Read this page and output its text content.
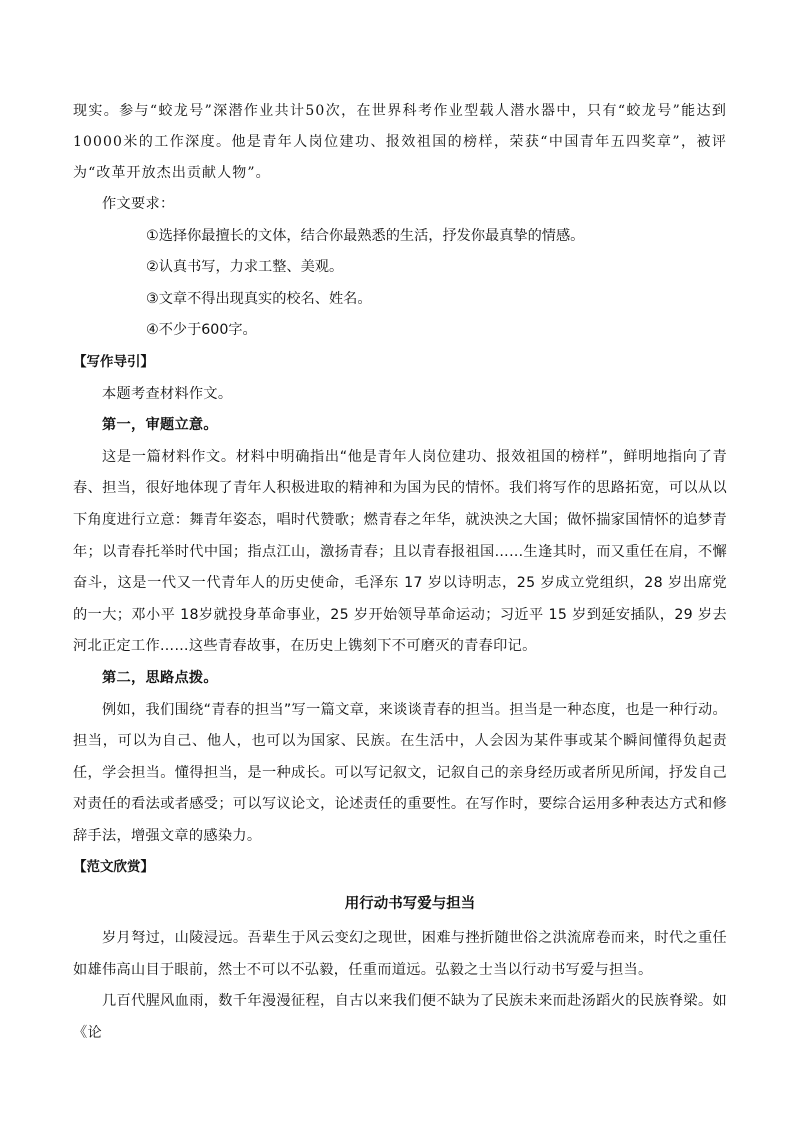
现实。参与“蛟龙号”深潜作业共计50次，在世界科考作业型载人潜水器中，只有“蛟龙号”能达到10000米的工作深度。他是青年人岗位建功、报效祖国的榜样，荣获“中国青年五四奖章”，被评为“改革开放杰出贡献人物”。

作文要求：

①选择你最擅长的文体，结合你最熟悉的生活，抒发你最真挚的情感。

②认真书写，力求工整、美观。

③文章不得出现真实的校名、姓名。

④不少于600字。

【写作导引】

本题考查材料作文。

第一，审题立意。

这是一篇材料作文。材料中明确指出“他是青年人岗位建功、报效祖国的榜样”，鲜明地指向了青春、担当，很好地体现了青年人积极进取的精神和为国为民的情怀。我们将写作的思路拓宽，可以从以下角度进行立意：舞青年姿态，唱时代赞歌；燃青春之年华，就泱泱之大国；做怀揣家国情怀的追梦青年；以青春托举时代中国；指点江山，激扬青春；且以青春报祖国……生逢其时，而又重任在肩，不懈奋斗，这是一代又一代青年人的历史使命，毛泽东 17 岁以诗明志，25 岁成立党组织，28 岁出席党的一大；邓小平 18岁就投身革命事业，25 岁开始领导革命运动；习近平 15 岁到延安插队，29 岁去河北正定工作……这些青春故事，在历史上镌刻下不可磨灭的青春印记。

第二，思路点拨。

例如，我们围绕“青春的担当”写一篇文章，来谈谈青春的担当。担当是一种态度，也是一种行动。担当，可以为自己、他人，也可以为国家、民族。在生活中，人会因为某件事或某个瞬间懂得负起责任，学会担当。懂得担当，是一种成长。可以写记叙文，记叙自己的亲身经历或者所见所闻，抒发自己对责任的看法或者感受；可以写议论文，论述责任的重要性。在写作时，要综合运用多种表达方式和修辞手法，增强文章的感染力。

【范文欣赏】

用行动书写爱与担当

岁月弩过，山陵浸远。吾辈生于风云变幻之现世，困难与挫折随世俗之洪流席卷而来，时代之重任如雄伟高山目于眼前，然士不可以不弘毅，任重而道远。弘毅之士当以行动书写爱与担当。

几百代腥风血雨，数千年漫漫征程，自古以来我们便不缺为了民族未来而赴汤蹈火的民族脊梁。如《论
